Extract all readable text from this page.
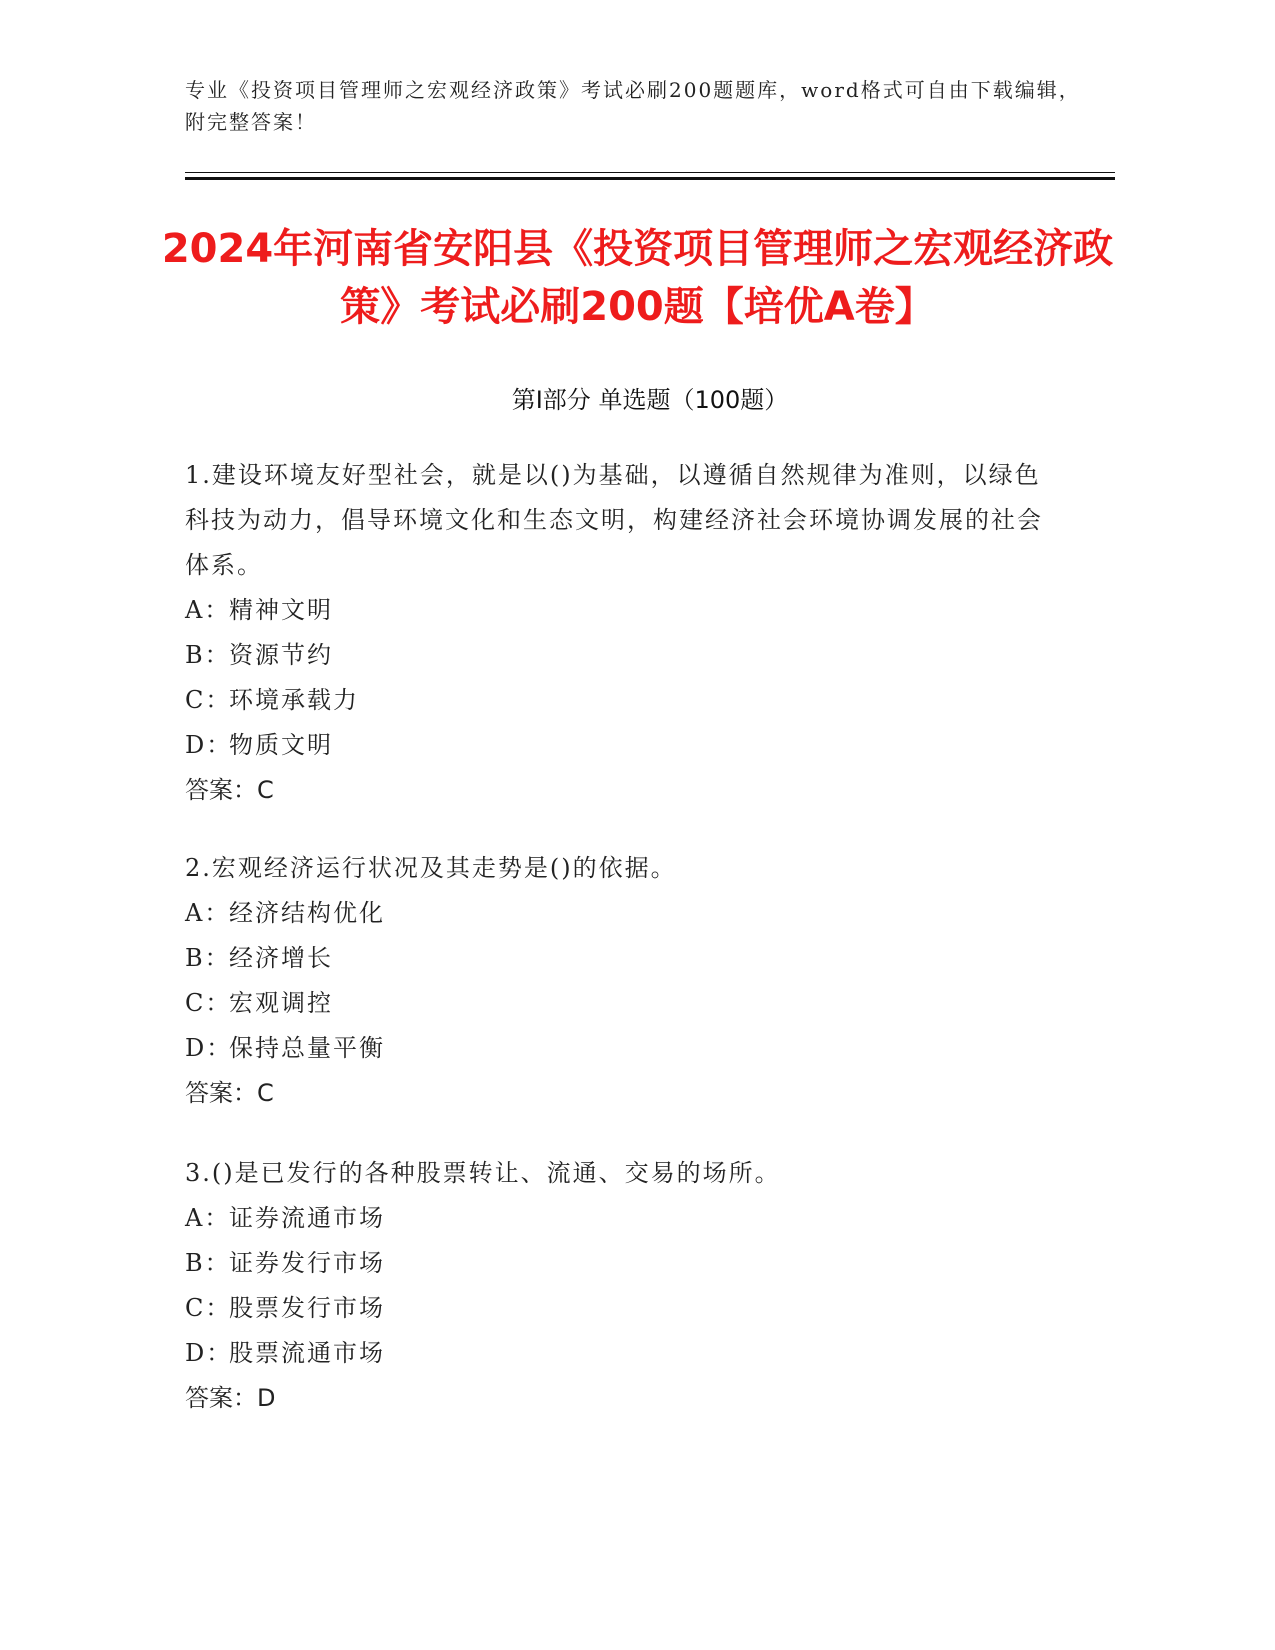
专业《投资项目管理师之宏观经济政策》考试必刷200题题库，word格式可自由下载编辑，附完整答案！
2024年河南省安阳县《投资项目管理师之宏观经济政策》考试必刷200题【培优A卷】
第Ⅰ部分 单选题（100题）
1.建设环境友好型社会，就是以()为基础，以遵循自然规律为准则，以绿色科技为动力，倡导环境文化和生态文明，构建经济社会环境协调发展的社会体系。
A：精神文明
B：资源节约
C：环境承载力
D：物质文明
答案：C
2.宏观经济运行状况及其走势是()的依据。
A：经济结构优化
B：经济增长
C：宏观调控
D：保持总量平衡
答案：C
3.()是已发行的各种股票转让、流通、交易的场所。
A：证券流通市场
B：证券发行市场
C：股票发行市场
D：股票流通市场
答案：D
